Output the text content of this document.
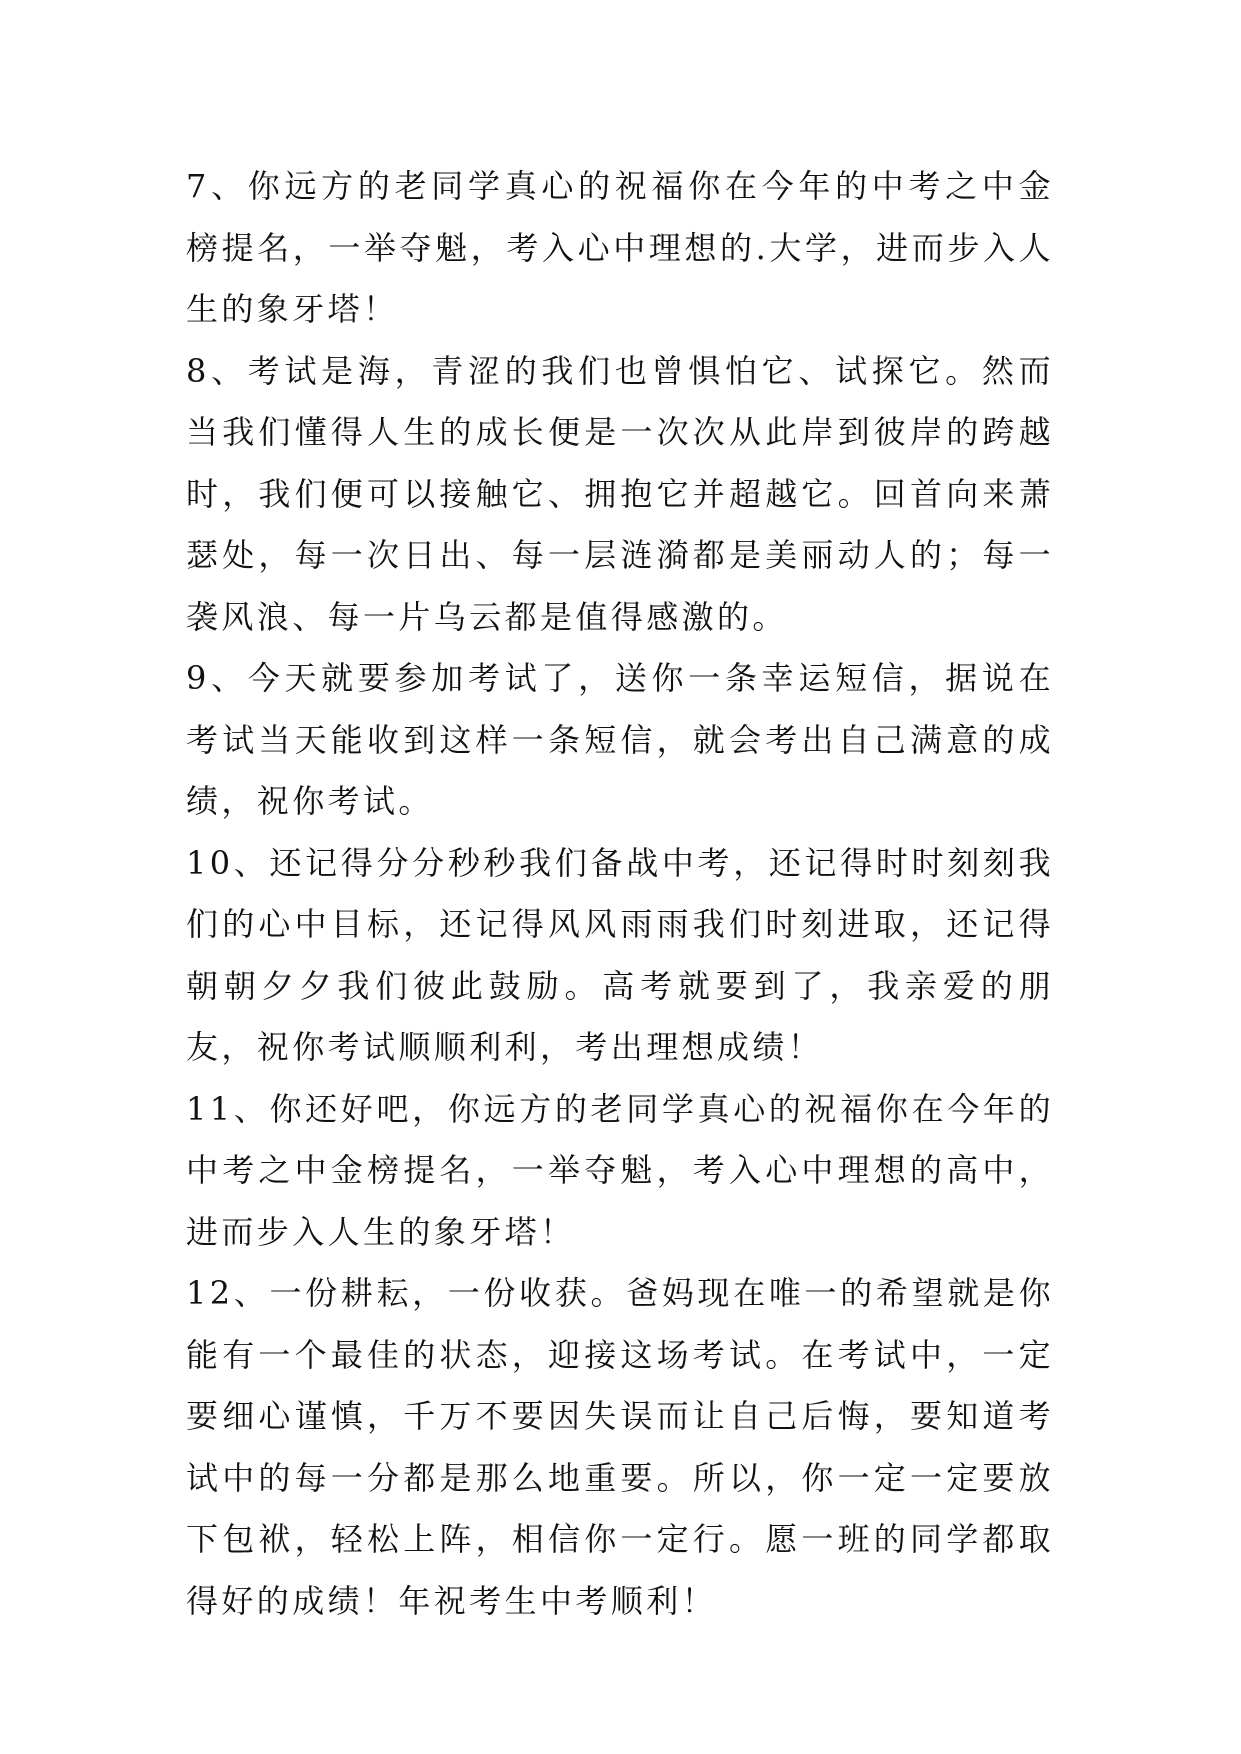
7、你远方的老同学真心的祝福你在今年的中考之中金榜提名，一举夺魁，考入心中理想的.大学，进而步入人生的象牙塔！

8、考试是海，青涩的我们也曾惧怕它、试探它。然而当我们懂得人生的成长便是一次次从此岸到彼岸的跨越时，我们便可以接触它、拥抱它并超越它。回首向来萧瑟处，每一次日出、每一层涟漪都是美丽动人的；每一袭风浪、每一片乌云都是值得感激的。

9、今天就要参加考试了，送你一条幸运短信，据说在考试当天能收到这样一条短信，就会考出自己满意的成绩，祝你考试。

10、还记得分分秒秒我们备战中考，还记得时时刻刻我们的心中目标，还记得风风雨雨我们时刻进取，还记得朝朝夕夕我们彼此鼓励。高考就要到了，我亲爱的朋友，祝你考试顺顺利利，考出理想成绩！

11、你还好吧，你远方的老同学真心的祝福你在今年的中考之中金榜提名，一举夺魁，考入心中理想的高中，进而步入人生的象牙塔！

12、一份耕耘，一份收获。爸妈现在唯一的希望就是你能有一个最佳的状态，迎接这场考试。在考试中，一定要细心谨慎，千万不要因失误而让自己后悔，要知道考试中的每一分都是那么地重要。所以，你一定一定要放下包袱，轻松上阵，相信你一定行。愿一班的同学都取得好的成绩！年祝考生中考顺利！
